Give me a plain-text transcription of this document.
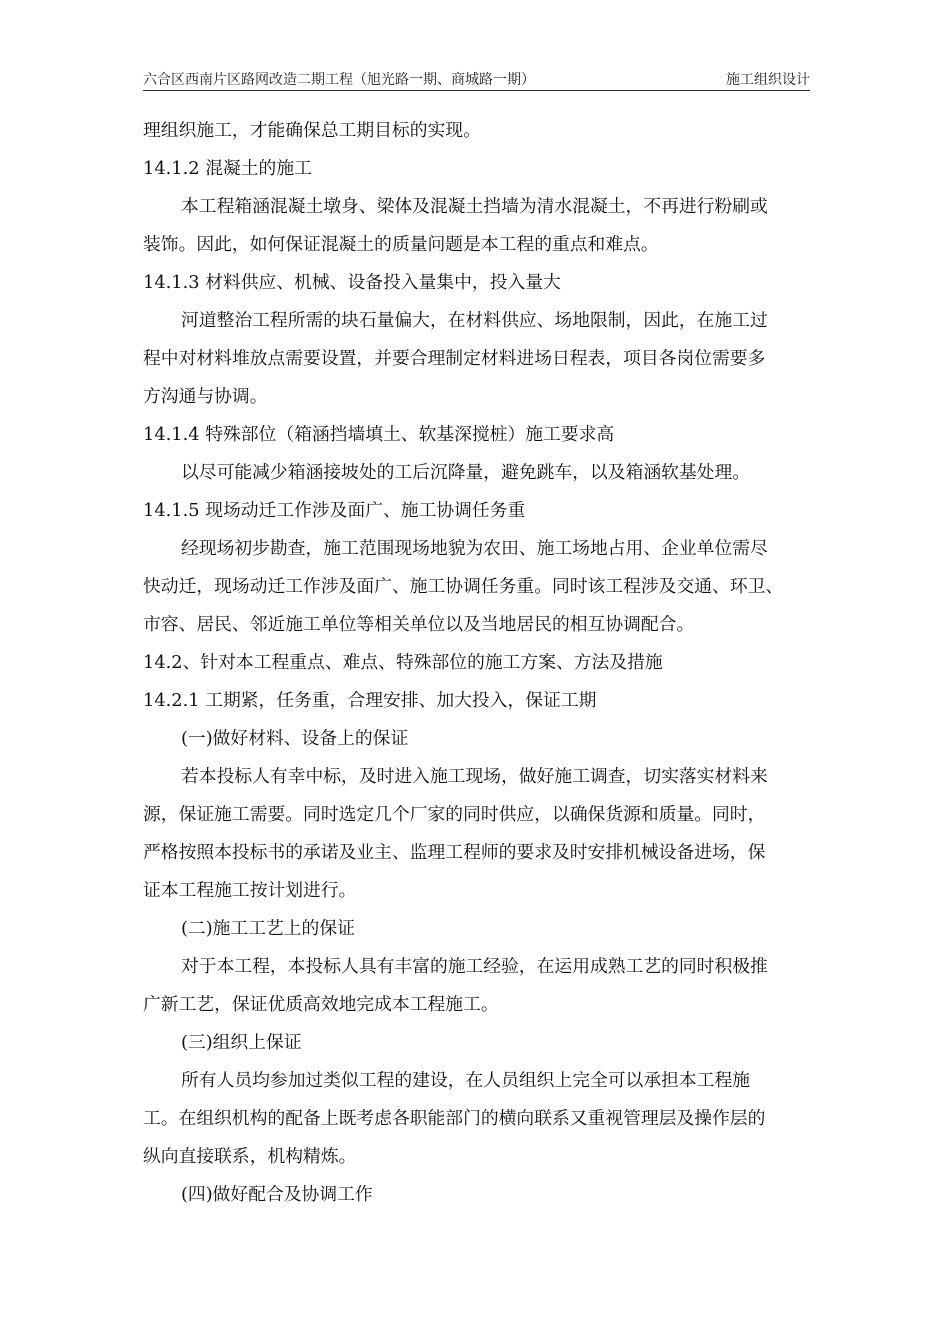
六合区西南片区路网改造二期工程（旭光路一期、商城路一期）	施工组织设计
理组织施工，才能确保总工期目标的实现。
14.1.2 混凝土的施工
本工程箱涵混凝土墩身、梁体及混凝土挡墙为清水混凝土，不再进行粉刷或
装饰。因此，如何保证混凝土的质量问题是本工程的重点和难点。
14.1.3 材料供应、机械、设备投入量集中，投入量大
河道整治工程所需的块石量偏大，在材料供应、场地限制，因此，在施工过
程中对材料堆放点需要设置，并要合理制定材料进场日程表，项目各岗位需要多
方沟通与协调。
14.1.4 特殊部位（箱涵挡墙填土、软基深搅桩）施工要求高
以尽可能减少箱涵接坡处的工后沉降量，避免跳车，以及箱涵软基处理。
14.1.5 现场动迁工作涉及面广、施工协调任务重
经现场初步勘查，施工范围现场地貌为农田、施工场地占用、企业单位需尽
快动迁，现场动迁工作涉及面广、施工协调任务重。同时该工程涉及交通、环卫、
市容、居民、邻近施工单位等相关单位以及当地居民的相互协调配合。
14.2、针对本工程重点、难点、特殊部位的施工方案、方法及措施
14.2.1 工期紧，任务重，合理安排、加大投入，保证工期
(一)做好材料、设备上的保证
若本投标人有幸中标，及时进入施工现场，做好施工调查，切实落实材料来
源，保证施工需要。同时选定几个厂家的同时供应，以确保货源和质量。同时，
严格按照本投标书的承诺及业主、监理工程师的要求及时安排机械设备进场，保
证本工程施工按计划进行。
(二)施工工艺上的保证
对于本工程，本投标人具有丰富的施工经验，在运用成熟工艺的同时积极推
广新工艺，保证优质高效地完成本工程施工。
(三)组织上保证
所有人员均参加过类似工程的建设，在人员组织上完全可以承担本工程施
工。在组织机构的配备上既考虑各职能部门的横向联系又重视管理层及操作层的
纵向直接联系，机构精炼。
(四)做好配合及协调工作
